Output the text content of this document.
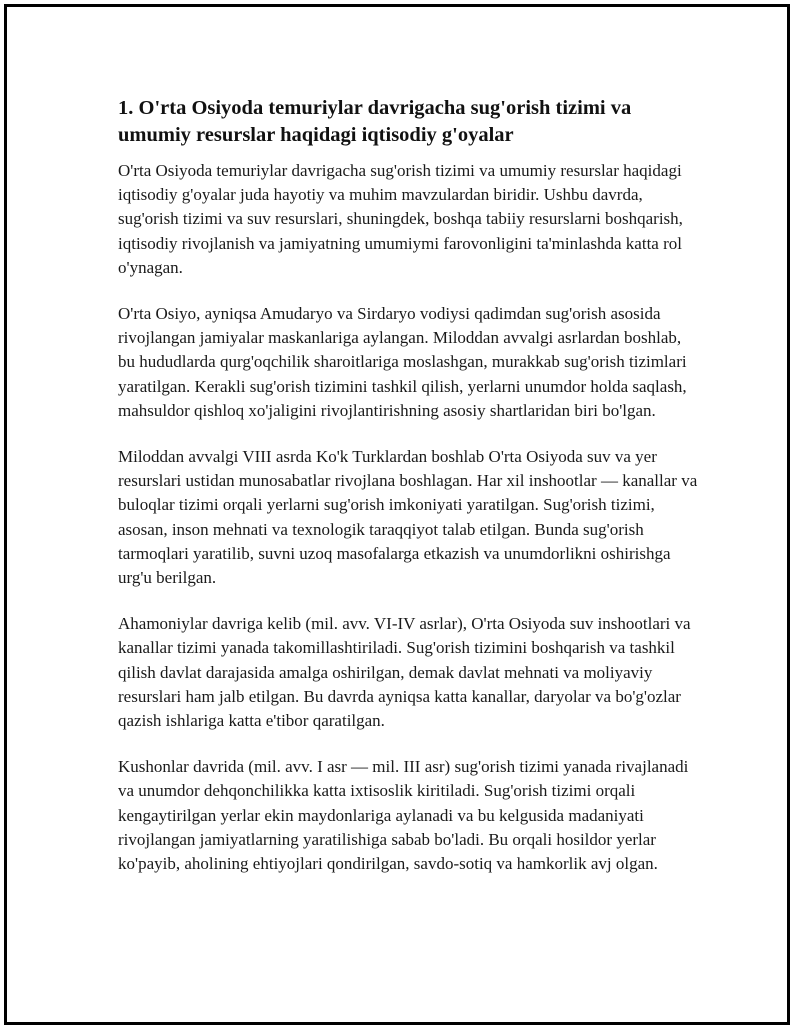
1. O'rta Osiyoda temuriylar davrigacha sug'orish tizimi va umumiy resurslar haqidagi iqtisodiy g'oyalar

O'rta Osiyoda temuriylar davrigacha sug'orish tizimi va umumiy resurslar haqidagi iqtisodiy g'oyalar juda hayotiy va muhim mavzulardan biridir. Ushbu davrda, sug'orish tizimi va suv resurslari, shuningdek, boshqa tabiiy resurslarni boshqarish, iqtisodiy rivojlanish va jamiyatning umumiymi farovonligini ta'minlashda katta rol o'ynagan.

O'rta Osiyo, ayniqsa Amudaryo va Sirdaryo vodiysi qadimdan sug'orish asosida rivojlangan jamiyalar maskanlariga aylangan. Miloddan avvalgi asrlardan boshlab, bu hududlarda qurg'oqchilik sharoitlariga moslashgan, murakkab sug'orish tizimlari yaratilgan. Kerakli sug'orish tizimini tashkil qilish, yerlarni unumdor holda saqlash, mahsuldor qishloq xo'jaligini rivojlantirishning asosiy shartlaridan biri bo'lgan.

Miloddan avvalgi VIII asrda Ko'k Turklardan boshlab O'rta Osiyoda suv va yer resurslari ustidan munosabatlar rivojlana boshlagan. Har xil inshootlar — kanallar va buloqlar tizimi orqali yerlarni sug'orish imkoniyati yaratilgan. Sug'orish tizimi, asosan, inson mehnati va texnologik taraqqiyot talab etilgan. Bunda sug'orish tarmoqlari yaratilib, suvni uzoq masofalarga etkazish va unumdorlikni oshirishga urg'u berilgan.

Ahamoniylar davriga kelib (mil. avv. VI-IV asrlar), O'rta Osiyoda suv inshootlari va kanallar tizimi yanada takomillashtiriladi. Sug'orish tizimini boshqarish va tashkil qilish davlat darajasida amalga oshirilgan, demak davlat mehnati va moliyaviy resurslari ham jalb etilgan. Bu davrda ayniqsa katta kanallar, daryolar va bo'g'ozlar qazish ishlariga katta e'tibor qaratilgan.

Kushonlar davrida (mil. avv. I asr — mil. III asr) sug'orish tizimi yanada rivajlanadi va unumdor dehqonchilikka katta ixtisoslik kiritiladi. Sug'orish tizimi orqali kengaytirilgan yerlar ekin maydonlariga aylanadi va bu kelgusida madaniyati rivojlangan jamiyatlarning yaratilishiga sabab bo'ladi. Bu orqali hosildor yerlar ko'payib, aholining ehtiyojlari qondirilgan, savdo-sotiq va hamkorlik avj olgan.
